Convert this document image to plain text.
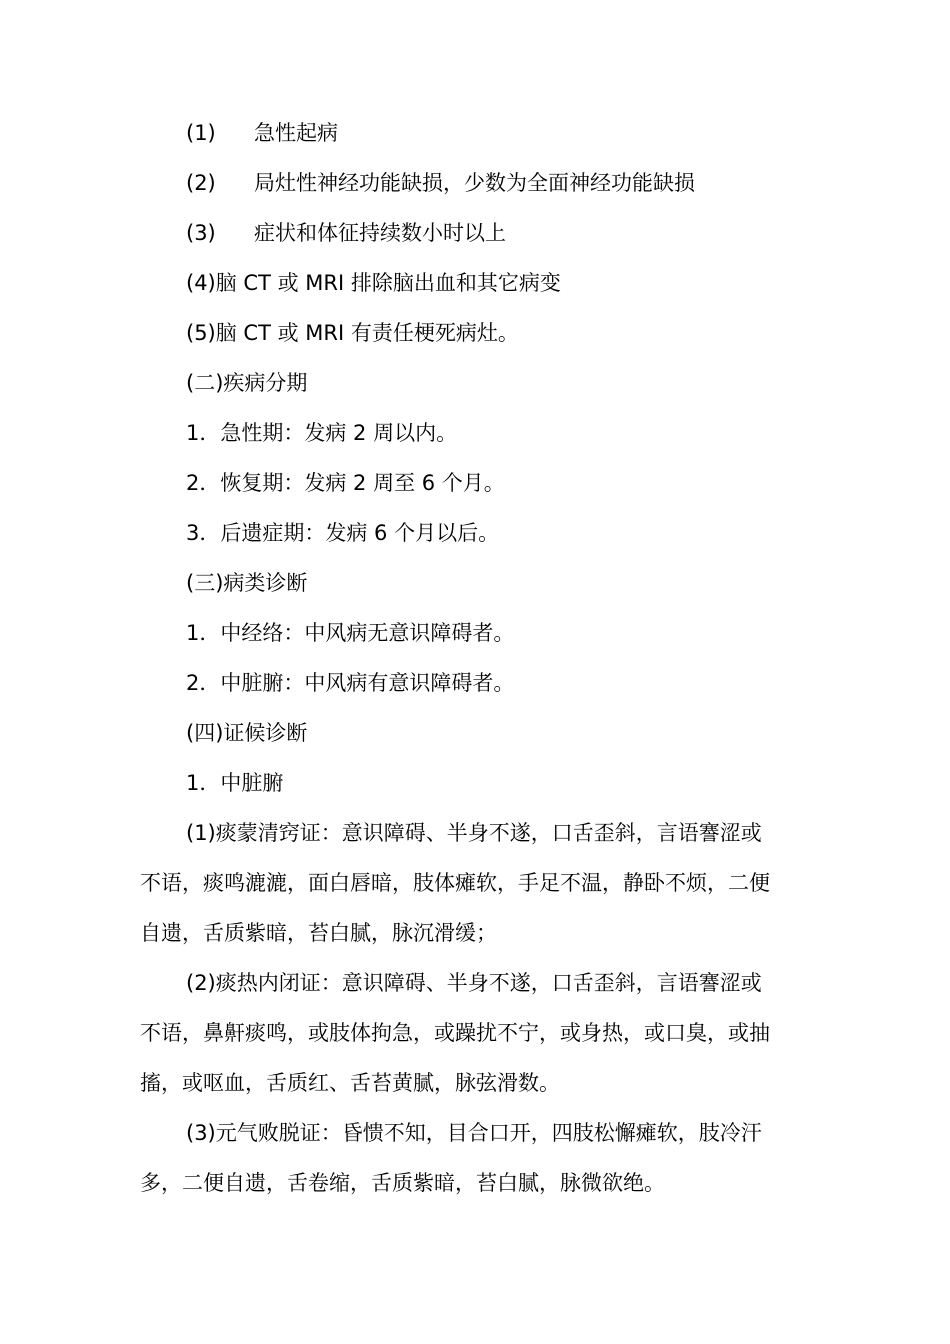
(1) 急性起病
(2) 局灶性神经功能缺损，少数为全面神经功能缺损
(3) 症状和体征持续数小时以上
(4)脑 CT 或 MRI 排除脑出血和其它病变
(5)脑 CT 或 MRI 有责任梗死病灶。
(二)疾病分期
1．急性期：发病 2 周以内。
2．恢复期：发病 2 周至 6 个月。
3．后遗症期：发病 6 个月以后。
(三)病类诊断
1．中经络：中风病无意识障碍者。
2．中脏腑：中风病有意识障碍者。
(四)证候诊断
1．中脏腑
(1)痰蒙清窍证：意识障碍、半身不遂，口舌歪斜，言语謇涩或
不语，痰鸣漉漉，面白唇暗，肢体瘫软，手足不温，静卧不烦，二便
自遗，舌质紫暗，苔白腻，脉沉滑缓；
(2)痰热内闭证：意识障碍、半身不遂，口舌歪斜，言语謇涩或
不语，鼻鼾痰鸣，或肢体拘急，或躁扰不宁，或身热，或口臭，或抽
搐，或呕血，舌质红、舌苔黄腻，脉弦滑数。
(3)元气败脱证：昏愦不知，目合口开，四肢松懈瘫软，肢冷汗
多，二便自遗，舌卷缩，舌质紫暗，苔白腻，脉微欲绝。
